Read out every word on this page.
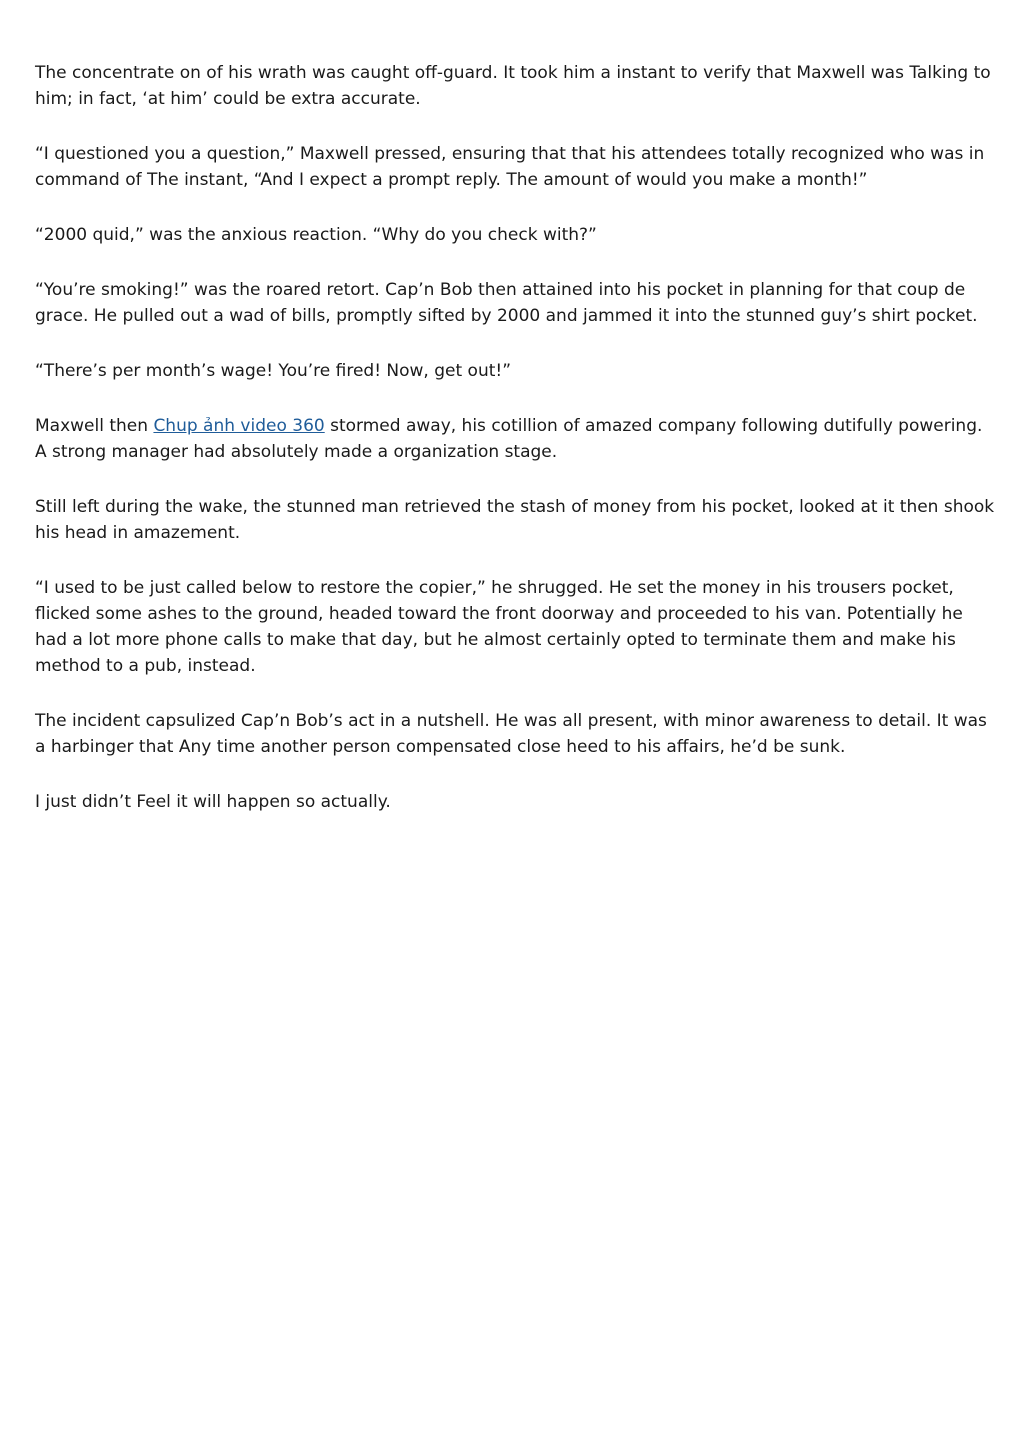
The concentrate on of his wrath was caught off-guard. It took him a instant to verify that Maxwell was Talking to him; in fact, ‘at him’ could be extra accurate.

“I questioned you a question,” Maxwell pressed, ensuring that that his attendees totally recognized who was in command of The instant, “And I expect a prompt reply. The amount of would you make a month!”

“2000 quid,” was the anxious reaction. “Why do you check with?”

“You’re smoking!” was the roared retort. Cap’n Bob then attained into his pocket in planning for that coup de grace. He pulled out a wad of bills, promptly sifted by 2000 and jammed it into the stunned guy’s shirt pocket.

“There’s per month’s wage! You’re fired! Now, get out!”

Maxwell then Chup ảnh video 360 stormed away, his cotillion of amazed company following dutifully powering. A strong manager had absolutely made a organization stage.

Still left during the wake, the stunned man retrieved the stash of money from his pocket, looked at it then shook his head in amazement.

“I used to be just called below to restore the copier,” he shrugged. He set the money in his trousers pocket, flicked some ashes to the ground, headed toward the front doorway and proceeded to his van. Potentially he had a lot more phone calls to make that day, but he almost certainly opted to terminate them and make his method to a pub, instead.

The incident capsulized Cap’n Bob’s act in a nutshell. He was all present, with minor awareness to detail. It was a harbinger that Any time another person compensated close heed to his affairs, he’d be sunk.

I just didn’t Feel it will happen so actually.
